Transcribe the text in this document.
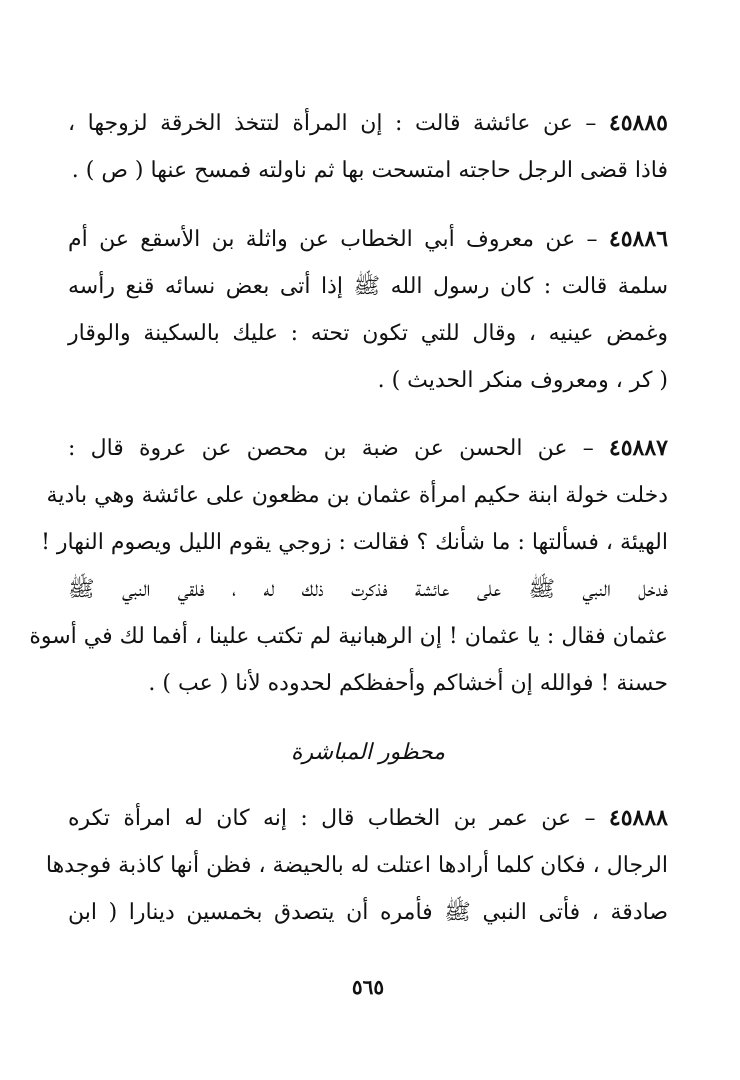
٤٥٨٨٥ – عن عائشة قالت : إن المرأة لتتخذ الخرقة لزوجها ،
فاذا قضى الرجل حاجته امتسحت بها ثم ناولته فمسح عنها ( ص ) .
٤٥٨٨٦ – عن معروف أبي الخطاب عن واثلة بن الأسقع عن أم
سلمة قالت : كان رسول الله ﷺ إذا أتى بعض نسائه قنع رأسه
وغمض عينيه ، وقال للتي تكون تحته : عليك بالسكينة والوقار
( كر ، ومعروف منكر الحديث ) .
٤٥٨٨٧ – عن الحسن عن ضبة بن محصن عن عروة قال :
دخلت خولة ابنة حكيم امرأة عثمان بن مظعون على عائشة وهي بادية
الهيئة ، فسألتها : ما شأنك ؟ فقالت : زوجي يقوم الليل ويصوم النهار !
فدخل النبي ﷺ على عائشة فذكرت ذلك له ، فلقي النبي ﷺ
عثمان فقال : يا عثمان ! إن الرهبانية لم تكتب علينا ، أفما لك في أسوة
حسنة ! فوالله إن أخشاكم وأحفظكم لحدوده لأنا ( عب ) .
محظور المباشرة
٤٥٨٨٨ – عن عمر بن الخطاب قال : إنه كان له امرأة تكره
الرجال ، فكان كلما أرادها اعتلت له بالحيضة ، فظن أنها كاذبة فوجدها
صادقة ، فأتى النبي ﷺ فأمره أن يتصدق بخمسين دينارا ( ابن
٥٦٥
